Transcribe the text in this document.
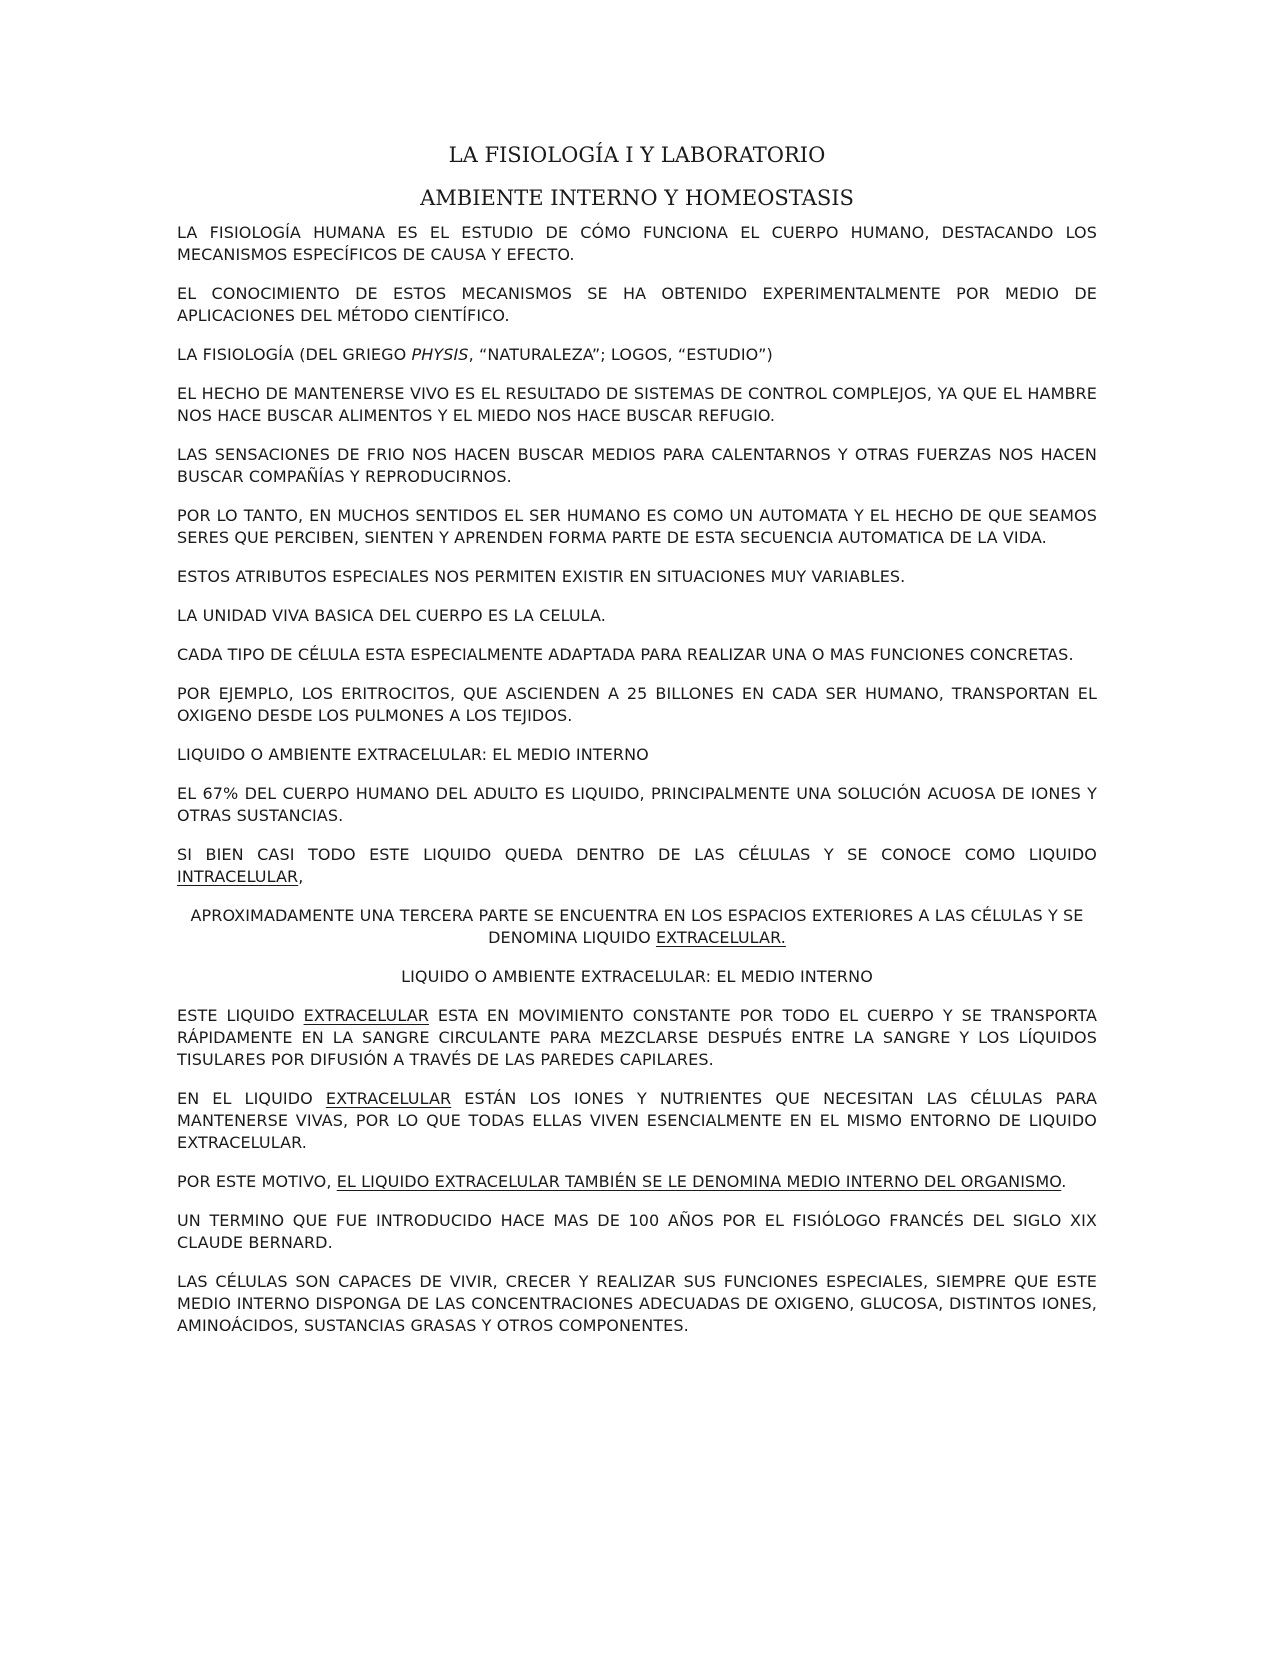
LA FISIOLOGÍA I Y LABORATORIO
AMBIENTE INTERNO Y HOMEOSTASIS

LA FISIOLOGÍA HUMANA ES EL ESTUDIO DE CÓMO FUNCIONA EL CUERPO HUMANO, DESTACANDO LOS MECANISMOS ESPECÍFICOS DE CAUSA Y EFECTO.

EL CONOCIMIENTO DE ESTOS MECANISMOS SE HA OBTENIDO EXPERIMENTALMENTE POR MEDIO DE APLICACIONES DEL MÉTODO CIENTÍFICO.

LA FISIOLOGÍA (DEL GRIEGO PHYSIS, “NATURALEZA”; LOGOS, “ESTUDIO”)

EL HECHO DE MANTENERSE VIVO ES EL RESULTADO DE SISTEMAS DE CONTROL COMPLEJOS, YA QUE EL HAMBRE NOS HACE BUSCAR ALIMENTOS Y EL MIEDO NOS HACE BUSCAR REFUGIO.

LAS SENSACIONES DE FRIO NOS HACEN BUSCAR MEDIOS PARA CALENTARNOS Y OTRAS FUERZAS NOS HACEN BUSCAR COMPAÑÍAS Y REPRODUCIRNOS.

POR LO TANTO, EN MUCHOS SENTIDOS EL SER HUMANO ES COMO UN AUTOMATA Y EL HECHO DE QUE SEAMOS SERES QUE PERCIBEN, SIENTEN Y APRENDEN FORMA PARTE DE ESTA SECUENCIA AUTOMATICA DE LA VIDA.

ESTOS ATRIBUTOS ESPECIALES NOS PERMITEN EXISTIR EN SITUACIONES MUY VARIABLES.

LA UNIDAD VIVA BASICA DEL CUERPO ES LA CELULA.

CADA TIPO DE CÉLULA ESTA ESPECIALMENTE ADAPTADA PARA REALIZAR UNA O MAS FUNCIONES CONCRETAS.

POR EJEMPLO, LOS ERITROCITOS, QUE ASCIENDEN A 25 BILLONES EN CADA SER HUMANO, TRANSPORTAN EL OXIGENO DESDE LOS PULMONES A LOS TEJIDOS.

LIQUIDO O AMBIENTE EXTRACELULAR: EL MEDIO INTERNO

EL 67% DEL CUERPO HUMANO DEL ADULTO ES LIQUIDO, PRINCIPALMENTE UNA SOLUCIÓN ACUOSA DE IONES Y OTRAS SUSTANCIAS.

SI BIEN CASI TODO ESTE LIQUIDO QUEDA DENTRO DE LAS CÉLULAS Y SE CONOCE COMO LIQUIDO INTRACELULAR,

APROXIMADAMENTE UNA TERCERA PARTE SE ENCUENTRA EN LOS ESPACIOS EXTERIORES A LAS CÉLULAS Y SE DENOMINA LIQUIDO EXTRACELULAR.

LIQUIDO O AMBIENTE EXTRACELULAR: EL MEDIO INTERNO

ESTE LIQUIDO EXTRACELULAR ESTA EN MOVIMIENTO CONSTANTE POR TODO EL CUERPO Y SE TRANSPORTA RÁPIDAMENTE EN LA SANGRE CIRCULANTE PARA MEZCLARSE DESPUÉS ENTRE LA SANGRE Y LOS LÍQUIDOS TISULARES POR DIFUSIÓN A TRAVÉS DE LAS PAREDES CAPILARES.

EN EL LIQUIDO EXTRACELULAR ESTÁN LOS IONES Y NUTRIENTES QUE NECESITAN LAS CÉLULAS PARA MANTENERSE VIVAS, POR LO QUE TODAS ELLAS VIVEN ESENCIALMENTE EN EL MISMO ENTORNO DE LIQUIDO EXTRACELULAR.

POR ESTE MOTIVO, EL LIQUIDO EXTRACELULAR TAMBIÉN SE LE DENOMINA MEDIO INTERNO DEL ORGANISMO.

UN TERMINO QUE FUE INTRODUCIDO HACE MAS DE 100 AÑOS POR EL FISIÓLOGO FRANCÉS DEL SIGLO XIX CLAUDE BERNARD.

LAS CÉLULAS SON CAPACES DE VIVIR, CRECER Y REALIZAR SUS FUNCIONES ESPECIALES, SIEMPRE QUE ESTE MEDIO INTERNO DISPONGA DE LAS CONCENTRACIONES ADECUADAS DE OXIGENO, GLUCOSA, DISTINTOS IONES, AMINOÁCIDOS, SUSTANCIAS GRASAS Y OTROS COMPONENTES.
